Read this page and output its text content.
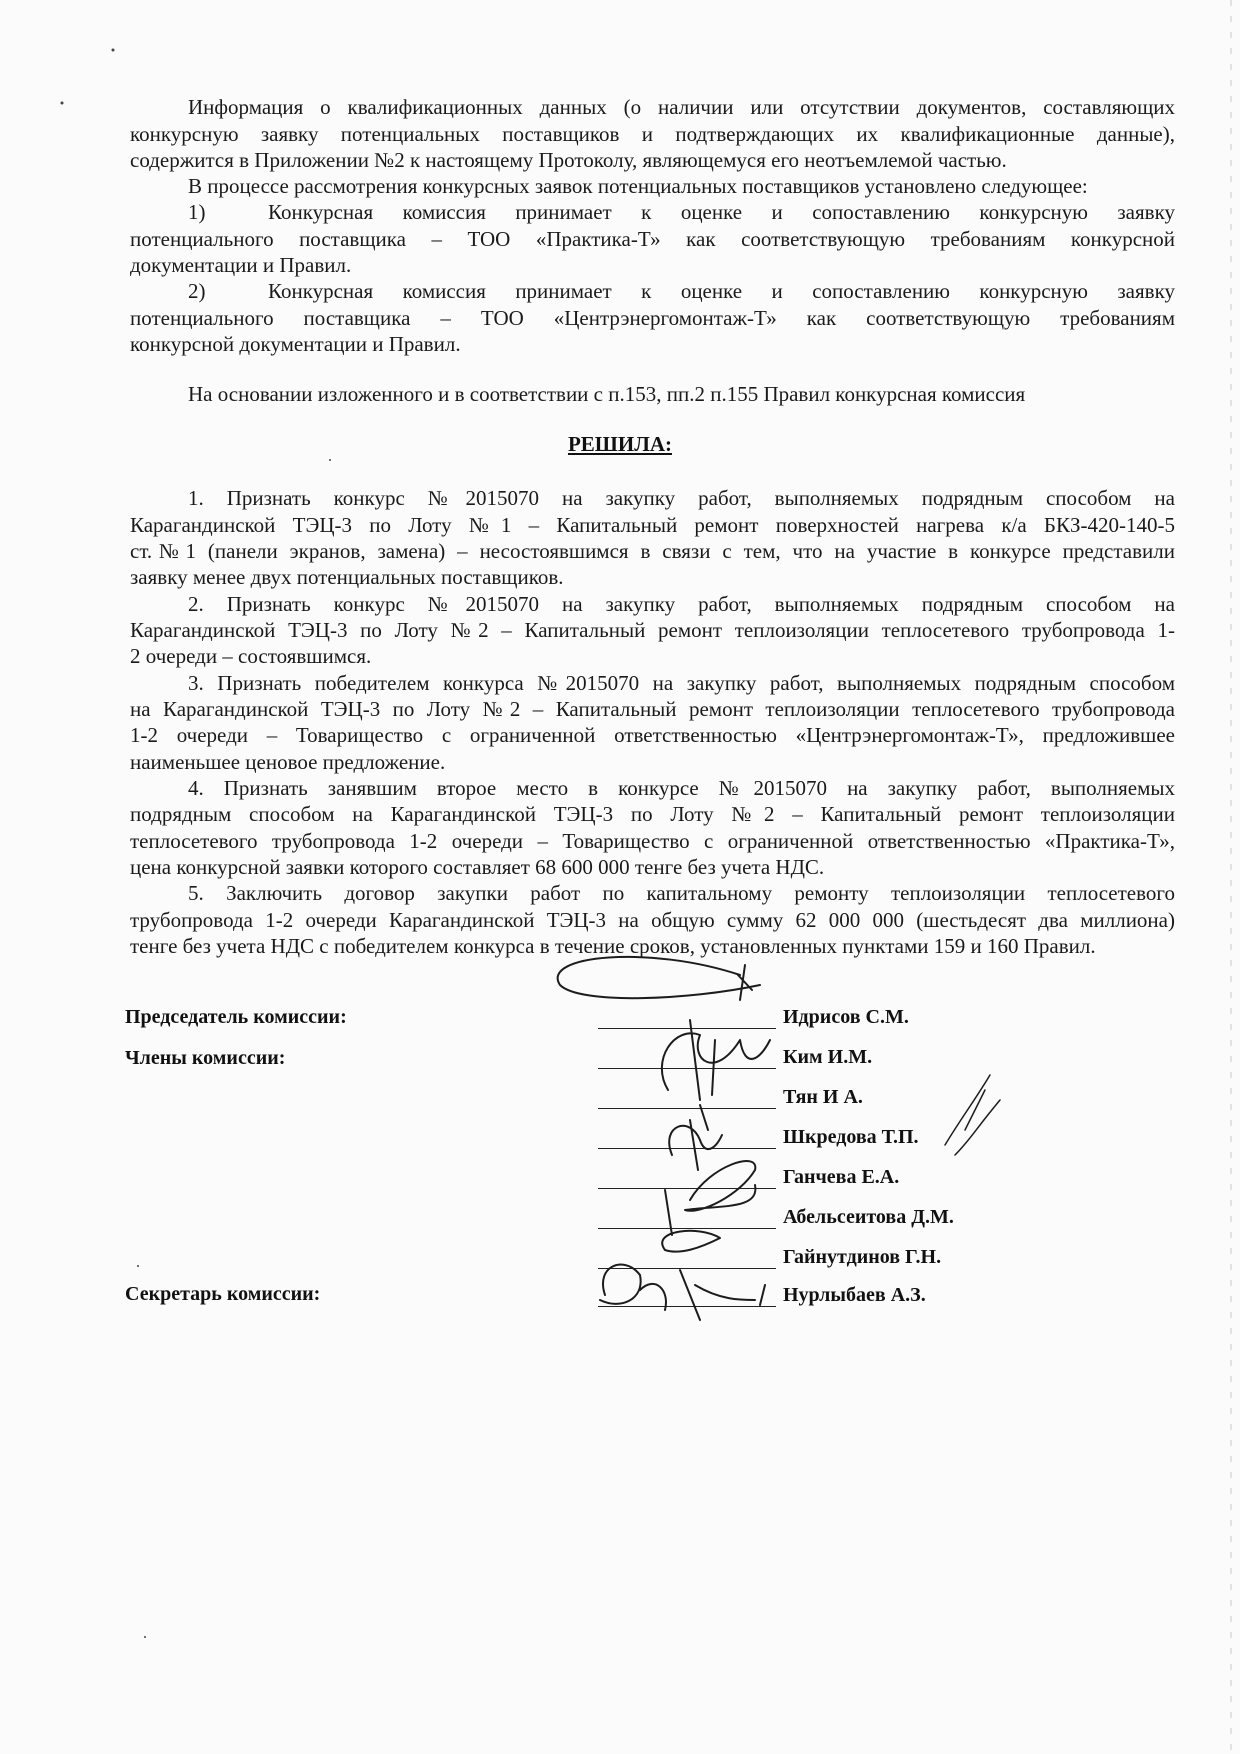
Информация о квалификационных данных (о наличии или отсутствии документов, составляющих
конкурсную заявку потенциальных поставщиков и подтверждающих их квалификационные данные),
содержится в Приложении №2 к настоящему Протоколу, являющемуся его неотъемлемой частью.
В процессе рассмотрения конкурсных заявок потенциальных поставщиков установлено следующее:
1)	Конкурсная комиссия принимает к оценке и сопоставлению конкурсную заявку
потенциального поставщика – ТОО «Практика-Т» как соответствующую требованиям конкурсной
документации и Правил.
2)	Конкурсная комиссия принимает к оценке и сопоставлению конкурсную заявку
потенциального поставщика – ТОО «Центрэнергомонтаж-Т» как соответствующую требованиям
конкурсной документации и Правил.
На основании изложенного и в соответствии с п.153, пп.2 п.155 Правил конкурсная комиссия
РЕШИЛА:
1. Признать конкурс №2015070 на закупку работ, выполняемых подрядным способом на
Карагандинской ТЭЦ-3 по Лоту №1 – Капитальный ремонт поверхностей нагрева к/а БКЗ-420-140-5
ст.№1 (панели экранов, замена) – несостоявшимся в связи с тем, что на участие в конкурсе представили
заявку менее двух потенциальных поставщиков.
2. Признать конкурс №2015070 на закупку работ, выполняемых подрядным способом на
Карагандинской ТЭЦ-3 по Лоту №2 – Капитальный ремонт теплоизоляции теплосетевого трубопровода 1-
2 очереди – состоявшимся.
3. Признать победителем конкурса №2015070 на закупку работ, выполняемых подрядным способом
на Карагандинской ТЭЦ-3 по Лоту №2 – Капитальный ремонт теплоизоляции теплосетевого трубопровода
1-2 очереди – Товарищество с ограниченной ответственностью «Центрэнергомонтаж-Т», предложившее
наименьшее ценовое предложение.
4. Признать занявшим второе место в конкурсе №2015070 на закупку работ, выполняемых
подрядным способом на Карагандинской ТЭЦ-3 по Лоту №2 – Капитальный ремонт теплоизоляции
теплосетевого трубопровода 1-2 очереди – Товарищество с ограниченной ответственностью «Практика-Т»,
цена конкурсной заявки которого составляет 68 600 000 тенге без учета НДС.
5. Заключить договор закупки работ по капитальному ремонту теплоизоляции теплосетевого
трубопровода 1-2 очереди Карагандинской ТЭЦ-3 на общую сумму 62 000 000 (шестьдесят два миллиона)
тенге без учета НДС с победителем конкурса в течение сроков, установленных пунктами 159 и 160 Правил.
Председатель комиссии:
Члены комиссии:
Секретарь комиссии:
Идрисов С.М.
Ким И.М.
Тян И А.
Шкредова Т.П.
Ганчева Е.А.
Абельсеитова Д.М.
Гайнутдинов Г.Н.
Нурлыбаев А.З.
